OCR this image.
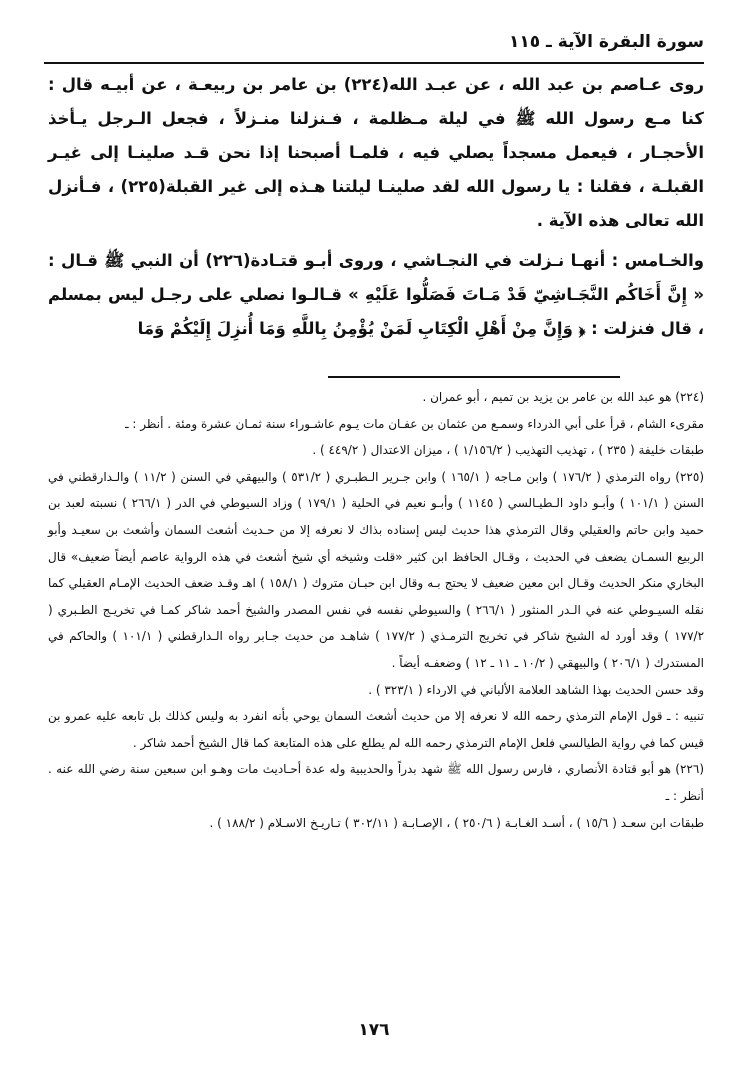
سورة البقرة الآية ـ ١١٥

روى عـاصم بن عبد الله ، عن عبـد الله(٢٢٤) بن عامر بن ربيعـة ، عن أبيـه قال : كنا مـع رسول الله ﷺ في ليلة مـظلمة ، فـنزلنا منـزلاً ، فجعل الـرجل يـأخذ الأحجـار ، فيعمل مسجداً يصلي فيه ، فلمـا أصبحنا إذا نحن قـد صلينـا إلى غيـر القبلـة ، فقلنا : يا رسول الله لقد صلينـا ليلتنا هـذه إلى غير القبلة(٢٢٥) ، فـأنزل الله تعالى هذه الآية .

والخـامس : أنهـا نـزلت في النجـاشي ، وروى أبـو قتـادة(٢٢٦) أن النبي ﷺ قـال : « إِنَّ أَخَاكُم النَّجَـاشِيّ قَدْ مَـاتَ فَصَلُّوا عَلَيْهِ » قـالـوا نصلي على رجـل ليس بمسلم ، قال فنزلت : ﴿ وَإِنَّ مِنْ أَهْلِ الْكِتَابِ لَمَنْ يُؤْمِنُ بِاللَّهِ وَمَا أُنزِلَ إِلَيْكُمْ وَمَا

(٢٢٤) هو عبد الله بن عامر بن يزيد بن تميم ، أبو عمران .

مقرىء الشام ، قرأ على أبي الدرداء وسمـع من عثمان بن عفـان مات يـوم عاشـوراء سنة ثمـان عشرة ومئة . أنظر : ـ

طبقات خليفة ( ٢٣٥ ) ، تهذيب التهذيب ( ١/١٥٦/٢ ) ، ميزان الاعتدال ( ٤٤٩/٢ ) .

(٢٢٥) رواه الترمذي ( ١٧٦/٢ ) وابن مـاجه ( ١٦٥/١ ) وابن جـرير الـطبـري ( ٥٣١/٢ ) والبيهقي في السنن ( ١١/٢ ) والـدارقطني في السنن ( ١٠١/١ ) وأبـو داود الـطيـالسي ( ١١٤٥ ) وأبـو نعيم في الحلية ( ١٧٩/١ ) وزاد السيوطي في الدر ( ٢٦٦/١ ) نسبته لعبد بن حميد وابن حاتم والعقيلي وقال الترمذي هذا حديث ليس إسناده بذاك لا نعرفه إلا من حـديث أشعث السمان وأشعث بن سعيـد وأبو الربيع السمـان يضعف في الحديث ، وقـال الحافظ ابن كثير «قلت وشيخه أي شيخ أشعث في هذه الرواية عاصم أيضاً ضعيف» قال البخاري منكر الحديث وقـال ابن معين ضعيف لا يحتج بـه وقال ابن حبـان متروك ( ١٥٨/١ ) اهـ وقـد ضعف الحديث الإمـام العقيلي كما نقله السيـوطي عنه في الـدر المنثور ( ٢٦٦/١ ) والسيوطي نفسه في نفس المصدر والشيخ أحمد شاكر كمـا في تخريـج الطـبري ( ١٧٧/٢ ) وقد أورد له الشيخ شاكر في تخريج الترمـذي ( ١٧٧/٢ ) شاهـد من حديث جـابر رواه الـدارقطني ( ١٠١/١ ) والحاكم في المستدرك ( ٢٠٦/١ ) والبيهقي ( ١٠/٢ ـ ١١ ـ ١٢ ) وضعفـه أيضاً .

وقد حسن الحديث بهذا الشاهد العلامة الألباني في الارداء ( ٣٢٣/١ ) .

تنبيه : ـ قول الإمام الترمذي رحمه الله لا نعرفه إلا من حديث أشعث السمان يوحي بأنه انفرد به وليس كذلك بل تابعه عليه عمرو بن قيس كما في رواية الطيالسي فلعل الإمام الترمذي رحمه الله لم يطلع على هذه المتابعة كما قال الشيخ أحمد شاكر .

(٢٢٦) هو أبو قتادة الأنصاري ، فارس رسول الله ﷺ شهد بدراً والحديبية وله عدة أحـاديث مات وهـو ابن سبعين سنة رضي الله عنه . أنظر : ـ

طبقات ابن سعـد ( ١٥/٦ ) ، أسـد الغـابـة ( ٢٥٠/٦ ) ، الإصـابـة ( ٣٠٢/١١ ) تـاريـخ الاسـلام ( ١٨٨/٢ ) .

١٧٦
